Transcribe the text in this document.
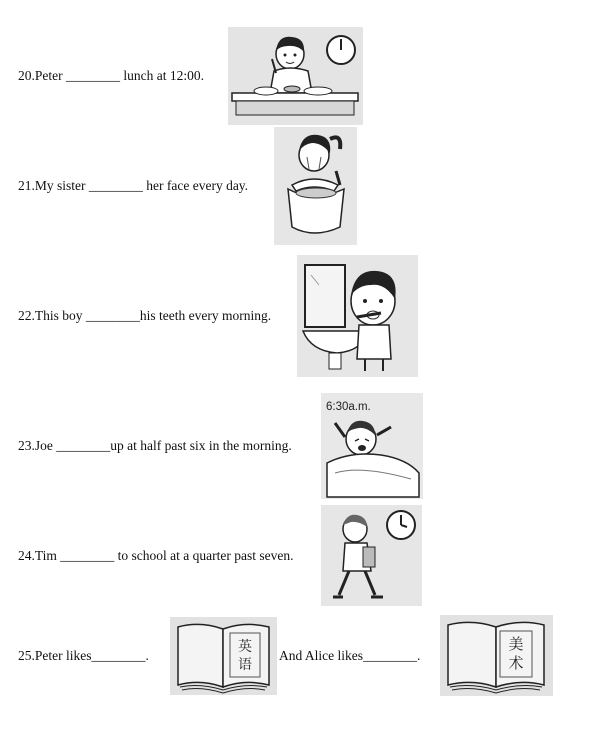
20.Peter ________ lunch at 12:00.
21.My sister ________ her face every day.
22.This boy ________his teeth every morning.
23.Joe ________up at half past six in the morning.
6:30a.m.
24.Tim ________ to school at a quarter past seven.
25.Peter likes________.
英
语
And Alice likes________.
美
术
